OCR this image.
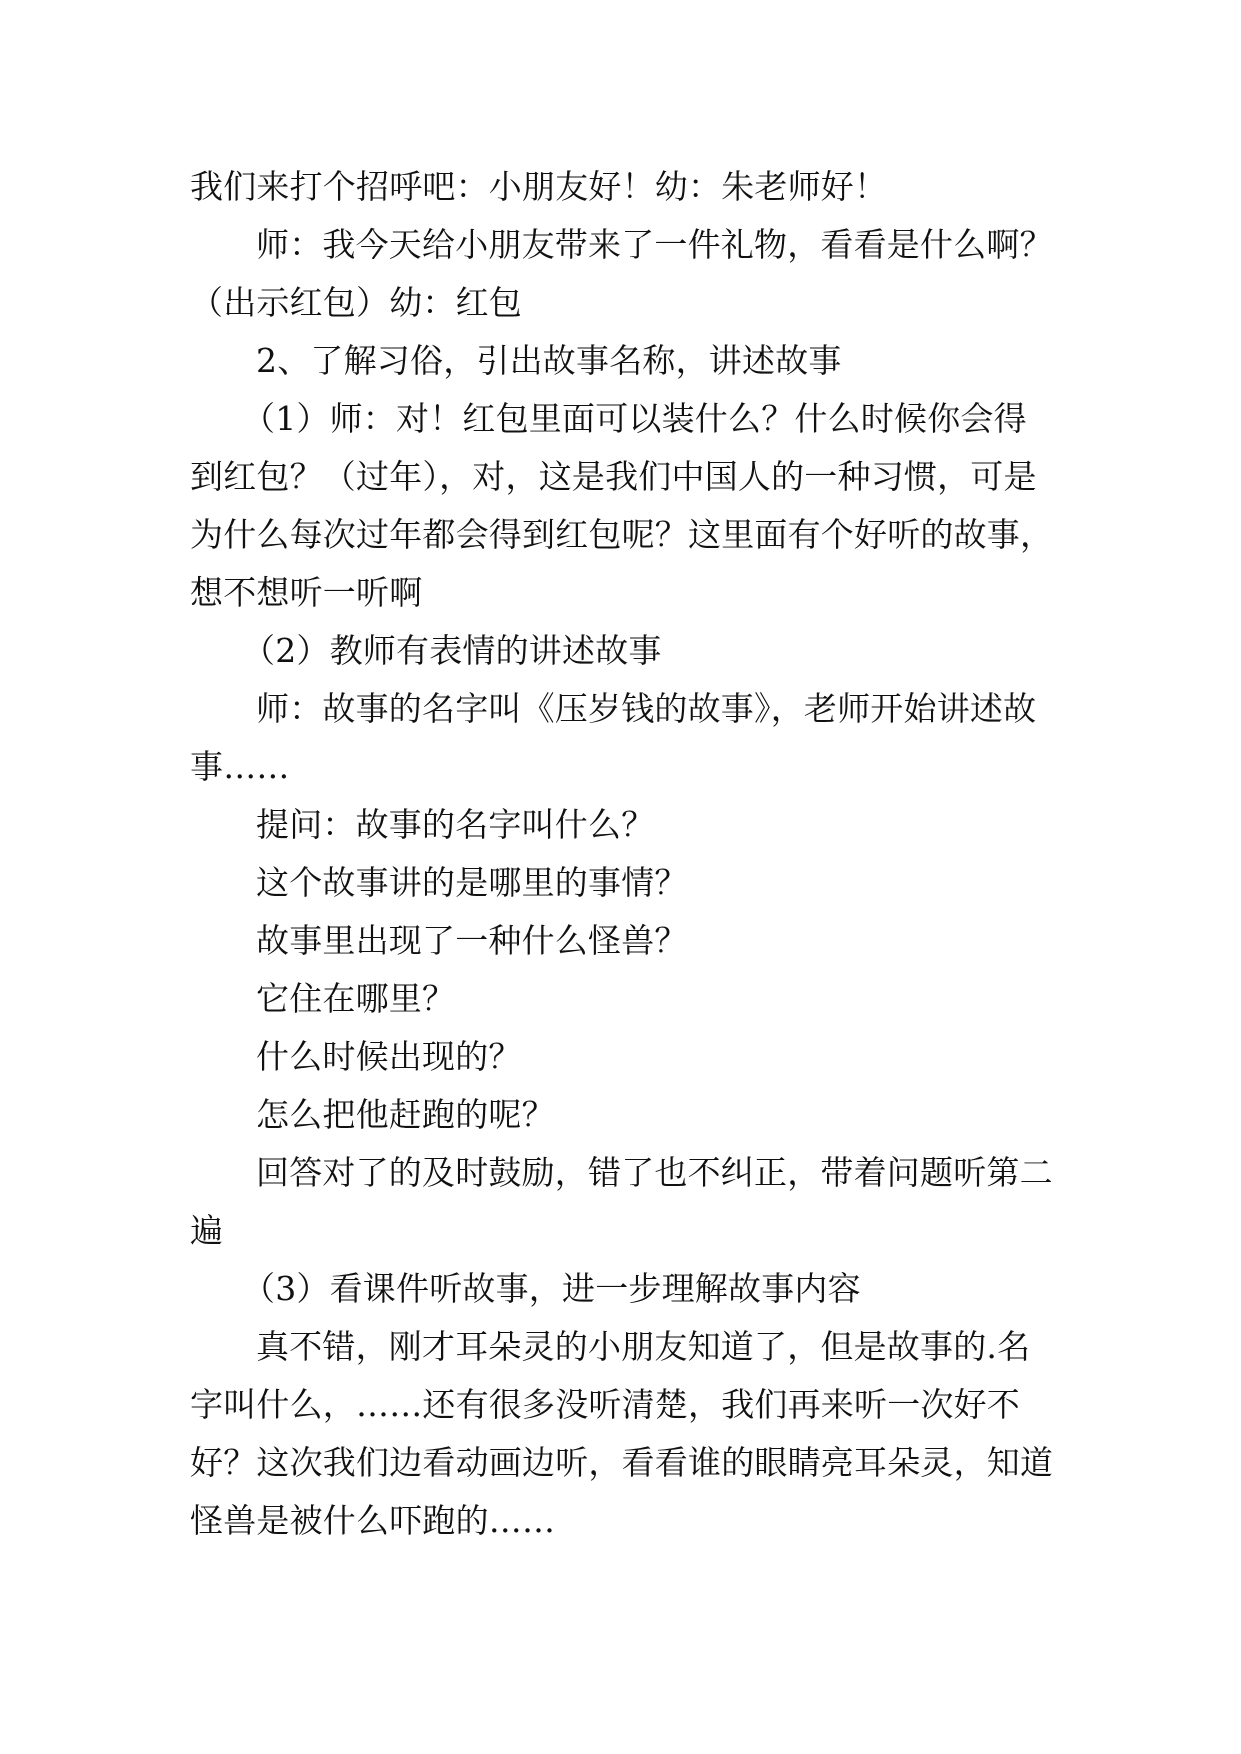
我们来打个招呼吧：小朋友好！幼：朱老师好！
师：我今天给小朋友带来了一件礼物，看看是什么啊？
（出示红包）幼：红包
2、了解习俗，引出故事名称，讲述故事
（1）师：对！红包里面可以装什么？什么时候你会得
到红包？（过年），对，这是我们中国人的一种习惯，可是
为什么每次过年都会得到红包呢？这里面有个好听的故事，
想不想听一听啊
（2）教师有表情的讲述故事
师：故事的名字叫《压岁钱的故事》，老师开始讲述故
事……
提问：故事的名字叫什么？
这个故事讲的是哪里的事情？
故事里出现了一种什么怪兽？
它住在哪里？
什么时候出现的？
怎么把他赶跑的呢？
回答对了的及时鼓励，错了也不纠正，带着问题听第二
遍
（3）看课件听故事，进一步理解故事内容
真不错，刚才耳朵灵的小朋友知道了，但是故事的.名
字叫什么，……还有很多没听清楚，我们再来听一次好不
好？这次我们边看动画边听，看看谁的眼睛亮耳朵灵，知道
怪兽是被什么吓跑的……
